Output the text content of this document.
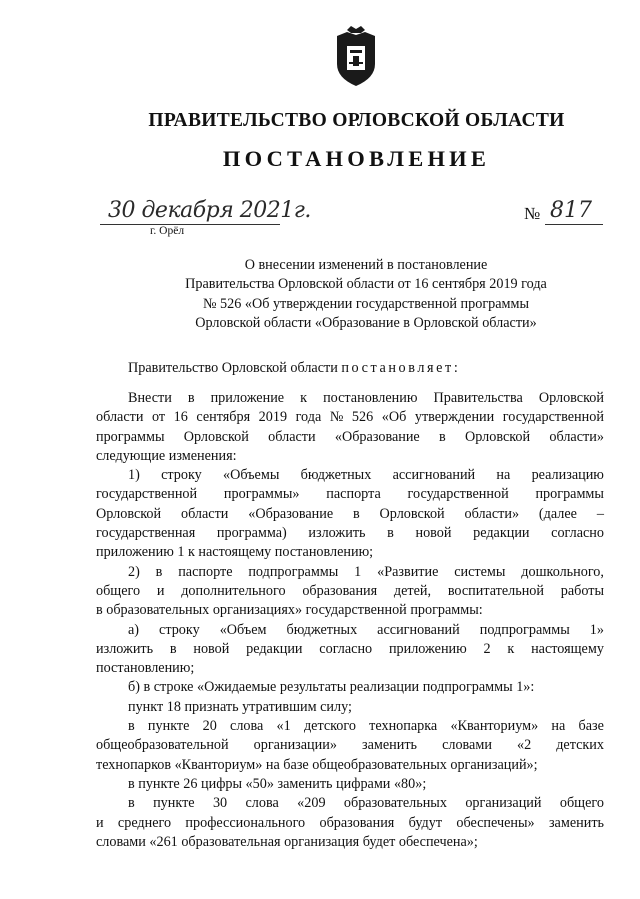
ПРАВИТЕЛЬСТВО ОРЛОВСКОЙ ОБЛАСТИ
ПОСТАНОВЛЕНИЕ
30 декабря 2021г.
г. Орёл
№ 817
О внесении изменений в постановление
Правительства Орловской области от 16 сентября 2019 года
№ 526 «Об утверждении государственной программы
Орловской области «Образование в Орловской области»
Правительство Орловской области постановляет:
Внести в приложение к постановлению Правительства Орловской
области от 16 сентября 2019 года № 526 «Об утверждении государственной
программы Орловской области «Образование в Орловской области»
следующие изменения:
1) строку «Объемы бюджетных ассигнований на реализацию
государственной программы» паспорта государственной программы
Орловской области «Образование в Орловской области» (далее –
государственная программа) изложить в новой редакции согласно
приложению 1 к настоящему постановлению;
2) в паспорте подпрограммы 1 «Развитие системы дошкольного,
общего и дополнительного образования детей, воспитательной работы
в образовательных организациях» государственной программы:
а) строку «Объем бюджетных ассигнований подпрограммы 1»
изложить в новой редакции согласно приложению 2 к настоящему
постановлению;
б) в строке «Ожидаемые результаты реализации подпрограммы 1»:
пункт 18 признать утратившим силу;
в пункте 20 слова «1 детского технопарка «Кванториум» на базе
общеобразовательной организации» заменить словами «2 детских
технопарков «Кванториум» на базе общеобразовательных организаций»;
в пункте 26 цифры «50» заменить цифрами «80»;
в пункте 30 слова «209 образовательных организаций общего
и среднего профессионального образования будут обеспечены» заменить
словами «261 образовательная организация будет обеспечена»;
